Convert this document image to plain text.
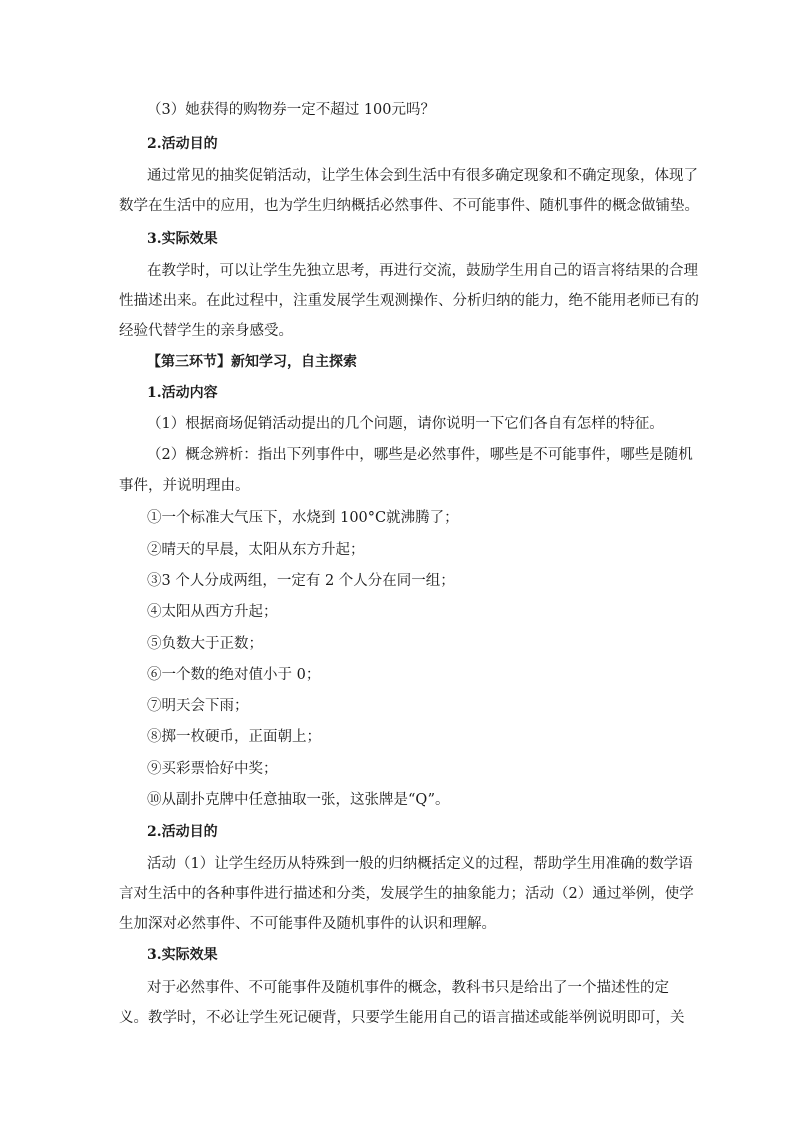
（3）她获得的购物券一定不超过 100元吗？
2.活动目的
通过常见的抽奖促销活动，让学生体会到生活中有很多确定现象和不确定现象，体现了
数学在生活中的应用，也为学生归纳概括必然事件、不可能事件、随机事件的概念做铺垫。
3.实际效果
在教学时，可以让学生先独立思考，再进行交流，鼓励学生用自己的语言将结果的合理
性描述出来。在此过程中，注重发展学生观测操作、分析归纳的能力，绝不能用老师已有的
经验代替学生的亲身感受。
【第三环节】新知学习，自主探索
1.活动内容
（1）根据商场促销活动提出的几个问题，请你说明一下它们各自有怎样的特征。
（2）概念辨析：指出下列事件中，哪些是必然事件，哪些是不可能事件，哪些是随机
事件，并说明理由。
①一个标准大气压下，水烧到 100°C就沸腾了；
②晴天的早晨，太阳从东方升起；
③3 个人分成两组，一定有 2 个人分在同一组；
④太阳从西方升起；
⑤负数大于正数；
⑥一个数的绝对值小于 0；
⑦明天会下雨；
⑧掷一枚硬币，正面朝上；
⑨买彩票恰好中奖；
⑩从副扑克牌中任意抽取一张，这张牌是“Q”。
2.活动目的
活动（1）让学生经历从特殊到一般的归纳概括定义的过程，帮助学生用准确的数学语
言对生活中的各种事件进行描述和分类，发展学生的抽象能力；活动（2）通过举例，使学
生加深对必然事件、不可能事件及随机事件的认识和理解。
3.实际效果
对于必然事件、不可能事件及随机事件的概念，教科书只是给出了一个描述性的定
义。教学时，不必让学生死记硬背，只要学生能用自己的语言描述或能举例说明即可，关
